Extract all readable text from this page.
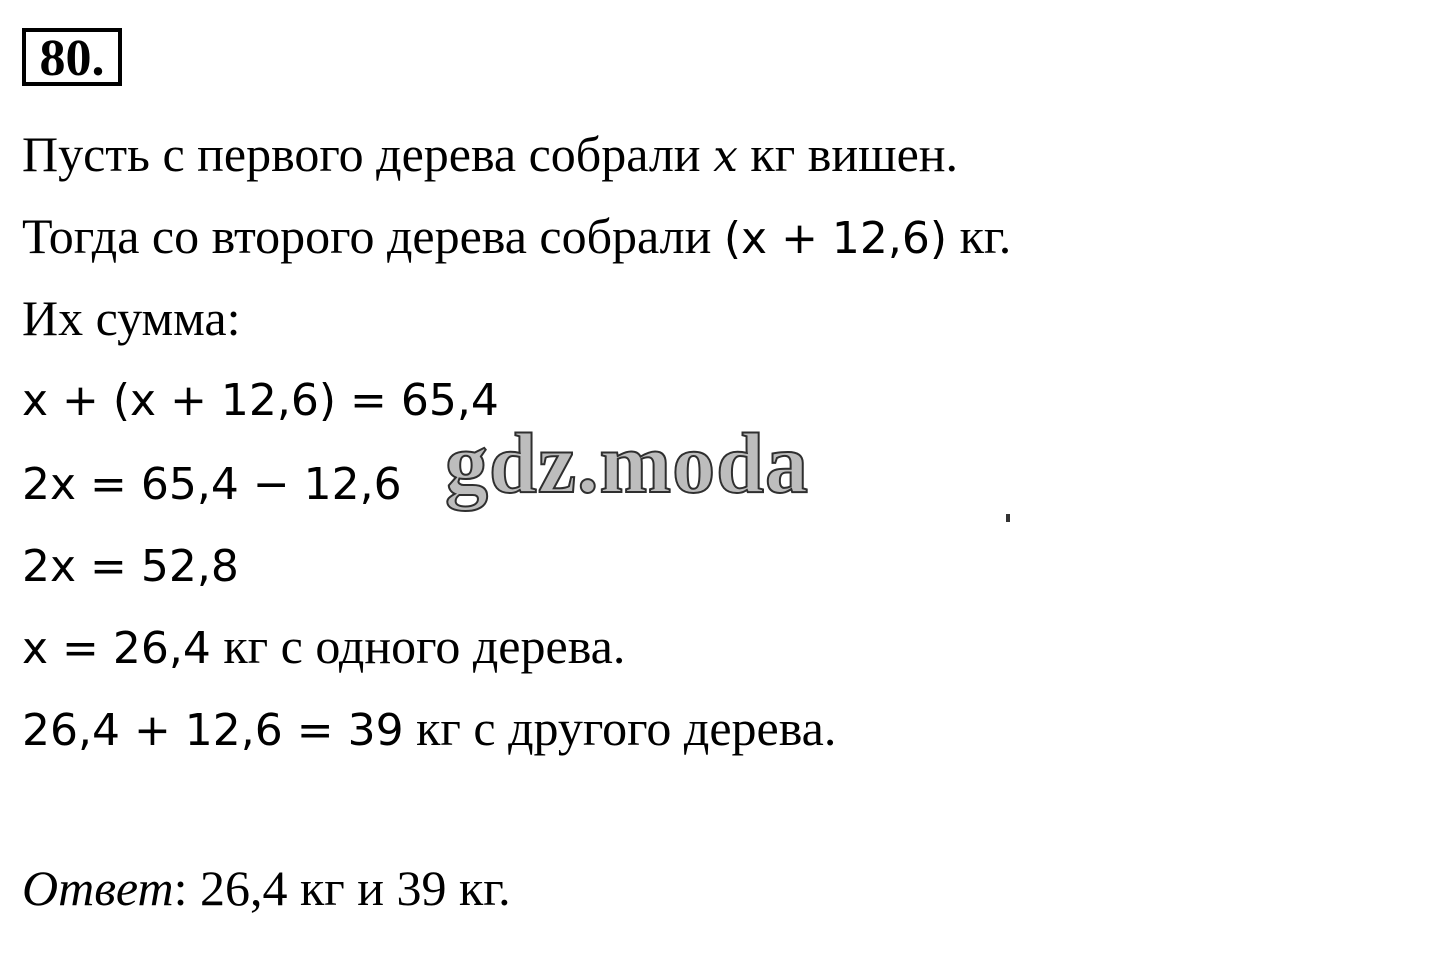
80.
Пусть с первого дерева собрали x кг вишен.
Тогда со второго дерева собрали (x + 12,6) кг.
Их сумма:
x + (x + 12,6) = 65,4
2x = 65,4 − 12,6
2x = 52,8
x = 26,4 кг с одного дерева.
26,4 + 12,6 = 39 кг с другого дерева.
Ответ: 26,4 кг и 39 кг.
gdz.moda
